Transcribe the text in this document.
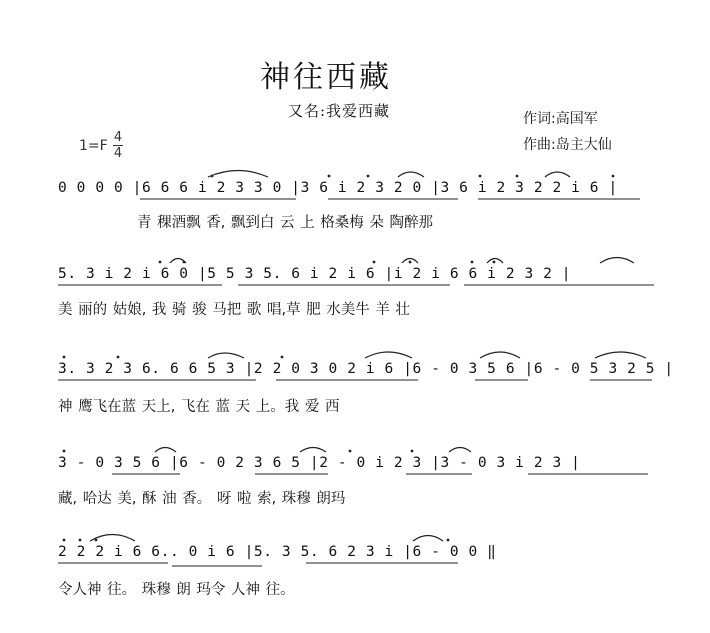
神往西藏
又名:我爱西藏	作词:高国军
作曲:岛主大仙
1=F
4
4
0 0 0 0 |6 6 6 i 2 3 3 0 |3 6 i 2 3 2 0 |3 6 i 2 3 2 2 i 6 |
青 稞酒飘 香, 飘到白 云 上 格桑梅 朵 陶醉那
5. 3 i 2 i 6 0 |5 5 3 5. 6 i 2 i 6 |i 2 i 6 6 i 2 3 2 |
美 丽的 姑娘, 我 骑 骏 马把 歌 唱,草 肥 水美牛 羊 壮
3. 3 2 3 6. 6 6 5 3 |2 2 0 3 0 2 i 6 |6 - 0 3 5 6 |6 - 0 5 3 2 5 |
神 鹰飞在蓝 天上, 飞在 蓝 天 上。我 爱 西
3 - 0 3 5 6 |6 - 0 2 3 6 5 |2 - 0 i 2 3 |3 - 0 3 i 2 3 |
藏, 哈达 美, 酥 油 香。 呀 啦 索, 珠穆 朗玛
2 2 2 i 6 6.. 0 i 6 |5. 3 5. 6 2 3 i |6 - 0 0 ‖
令人神 往。 珠穆 朗 玛令 人神 往。
